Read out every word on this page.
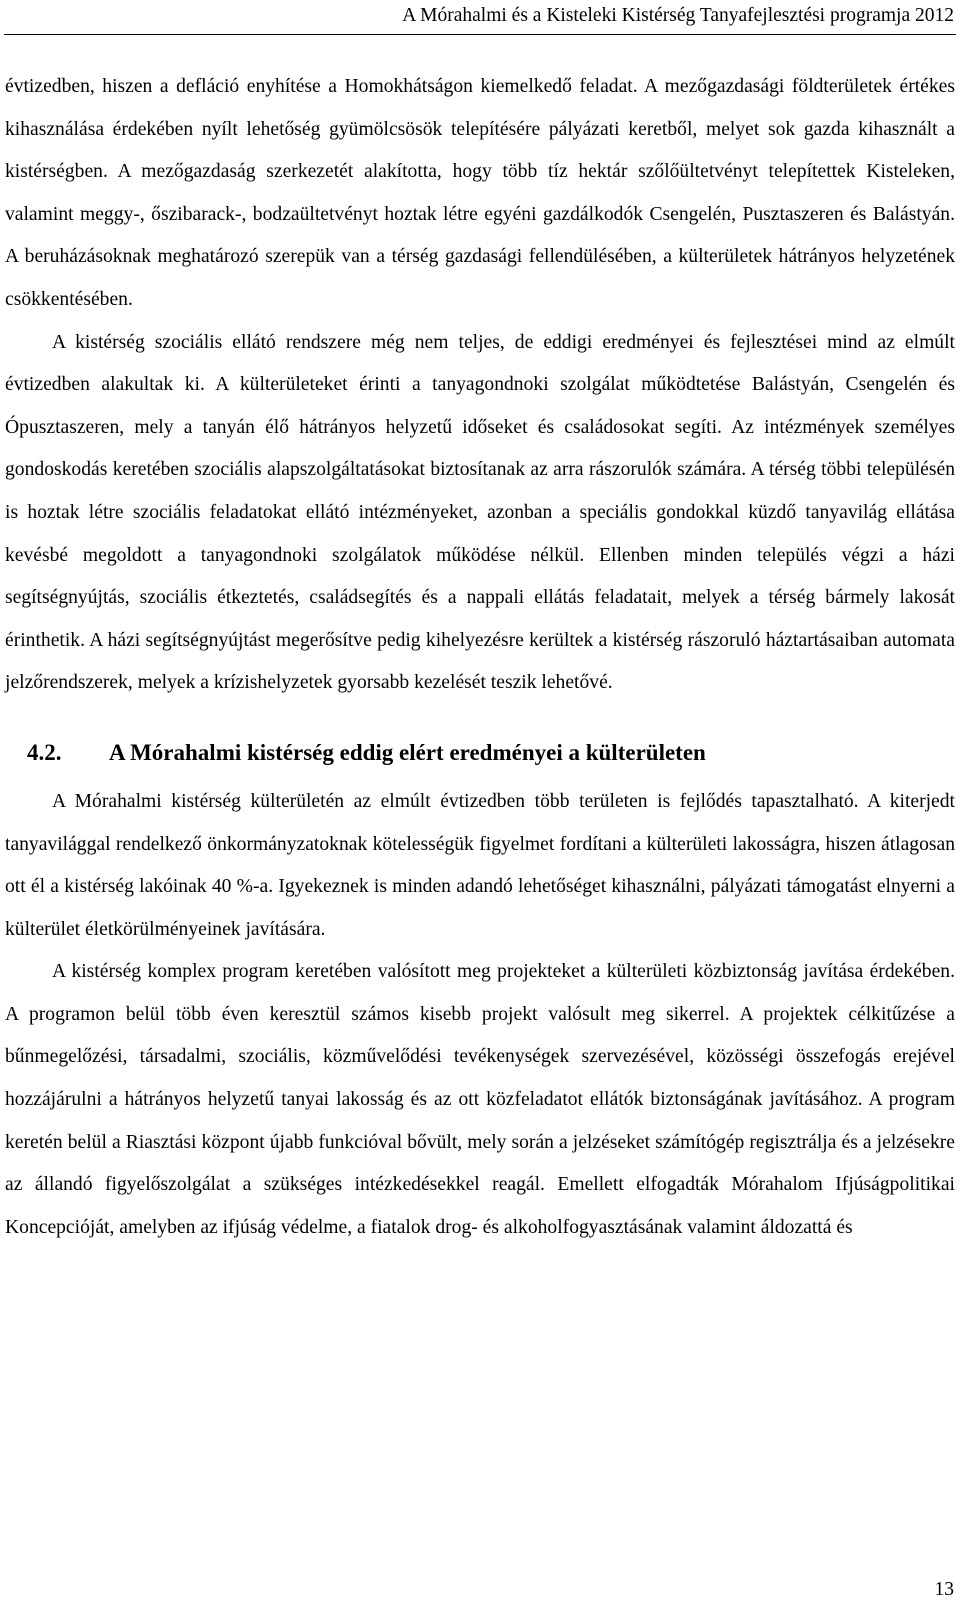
A Mórahalmi és a Kisteleki Kistérség Tanyafejlesztési programja 2012

évtizedben, hiszen a defláció enyhítése a Homokhátságon kiemelkedő feladat. A mezőgazdasági földterületek értékes kihasználása érdekében nyílt lehetőség gyümölcsösök telepítésére pályázati keretből, melyet sok gazda kihasznált a kistérségben. A mezőgazdaság szerkezetét alakította, hogy több tíz hektár szőlőültetvényt telepítettek Kisteleken, valamint meggy-, őszibarack-, bodzaültetvényt hoztak létre egyéni gazdálkodók Csengelén, Pusztaszeren és Balástyán. A beruházásoknak meghatározó szerepük van a térség gazdasági fellendülésében, a külterületek hátrányos helyzetének csökkentésében.

A kistérség szociális ellátó rendszere még nem teljes, de eddigi eredményei és fejlesztései mind az elmúlt évtizedben alakultak ki. A külterületeket érinti a tanyagondnoki szolgálat működtetése Balástyán, Csengelén és Ópusztaszeren, mely a tanyán élő hátrányos helyzetű időseket és családosokat segíti. Az intézmények személyes gondoskodás keretében szociális alapszolgáltatásokat biztosítanak az arra rászorulók számára. A térség többi településén is hoztak létre szociális feladatokat ellátó intézményeket, azonban a speciális gondokkal küzdő tanyavilág ellátása kevésbé megoldott a tanyagondnoki szolgálatok működése nélkül. Ellenben minden település végzi a házi segítségnyújtás, szociális étkeztetés, családsegítés és a nappali ellátás feladatait, melyek a térség bármely lakosát érinthetik. A házi segítségnyújtást megerősítve pedig kihelyezésre kerültek a kistérség rászoruló háztartásaiban automata jelzőrendszerek, melyek a krízishelyzetek gyorsabb kezelését teszik lehetővé.

4.2.	A Mórahalmi kistérség eddig elért eredményei a külterületen

A Mórahalmi kistérség külterületén az elmúlt évtizedben több területen is fejlődés tapasztalható. A kiterjedt tanyavilággal rendelkező önkormányzatoknak kötelességük figyelmet fordítani a külterületi lakosságra, hiszen átlagosan ott él a kistérség lakóinak 40 %-a. Igyekeznek is minden adandó lehetőséget kihasználni, pályázati támogatást elnyerni a külterület életkörülményeinek javítására.

A kistérség komplex program keretében valósított meg projekteket a külterületi közbiztonság javítása érdekében. A programon belül több éven keresztül számos kisebb projekt valósult meg sikerrel. A projektek célkitűzése a bűnmegelőzési, társadalmi, szociális, közművelődési tevékenységek szervezésével, közösségi összefogás erejével hozzájárulni a hátrányos helyzetű tanyai lakosság és az ott közfeladatot ellátók biztonságának javításához. A program keretén belül a Riasztási központ újabb funkcióval bővült, mely során a jelzéseket számítógép regisztrálja és a jelzésekre az állandó figyelőszolgálat a szükséges intézkedésekkel reagál. Emellett elfogadták Mórahalom Ifjúságpolitikai Koncepcióját, amelyben az ifjúság védelme, a fiatalok drog- és alkoholfogyasztásának valamint áldozattá és

13
